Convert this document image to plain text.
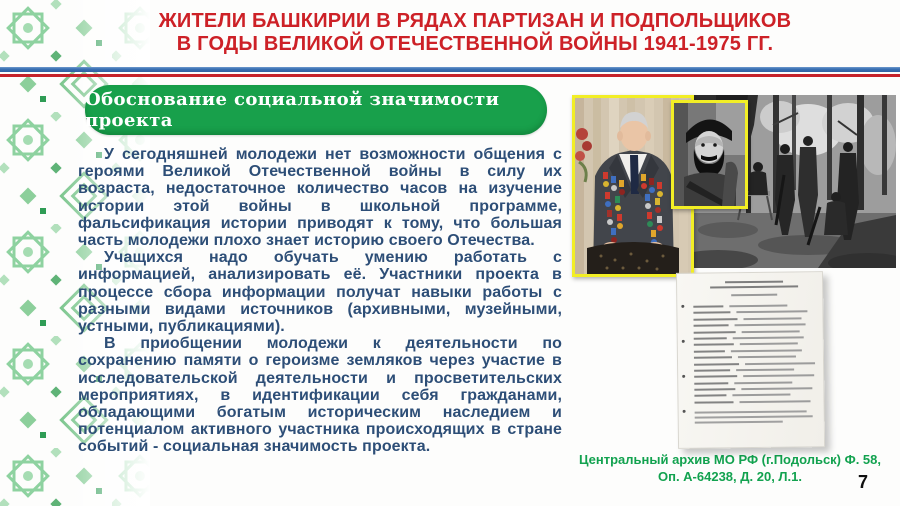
ЖИТЕЛИ БАШКИРИИ В РЯДАХ ПАРТИЗАН И ПОДПОЛЬЩИКОВ
В ГОДЫ ВЕЛИКОЙ ОТЕЧЕСТВЕННОЙ ВОЙНЫ 1941-1975 ГГ.
Обоснование социальной значимости проекта

У сегодняшней молодежи нет возможности общения с героями Великой Отечественной войны в силу их возраста, недостаточное количество часов на изучение истории этой войны в школьной программе, фальсификация истории приводят к тому, что большая часть молодежи плохо знает историю своего Отечества.

Учащихся надо обучать умению работать с информацией, анализировать её. Участники проекта в процессе сбора информации получат навыки работы с разными видами источников (архивными, музейными, устными, публикациями).

В приобщении молодежи к деятельности по сохранению памяти о героизме земляков через участие в исследовательской деятельности и просветительских мероприятиях, в идентификации себя гражданами, обладающими богатым историческим наследием и потенциалом активного участника происходящих в стране событий - социальная значимость проекта.

Центральный архив МО РФ (г.Подольск) Ф. 58,
Оп. А-64238, Д. 20, Л.1.	7
